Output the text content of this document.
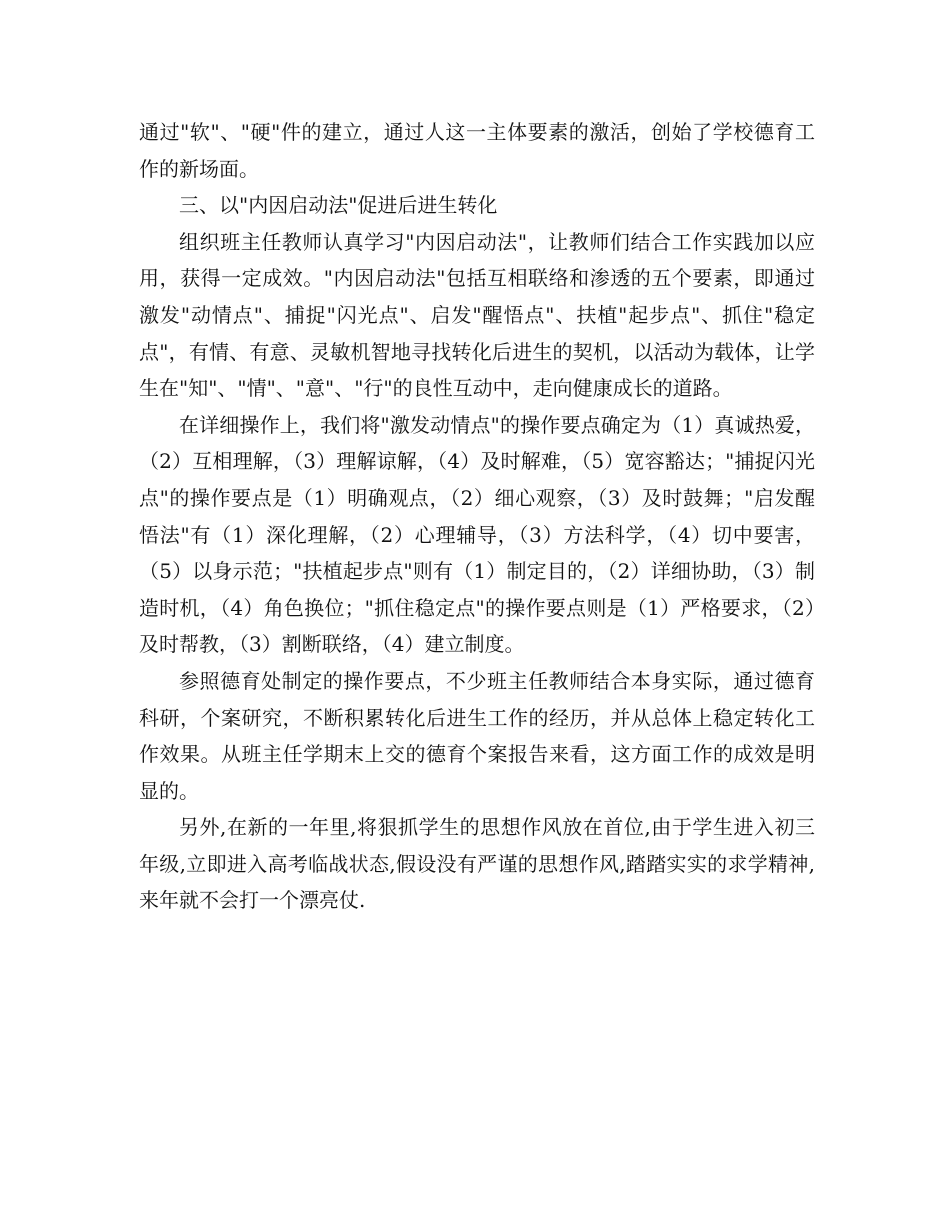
通过"软"、"硬"件的建立，通过人这一主体要素的激活，创始了学校德育工作的新场面。

三、以"内因启动法"促进后进生转化

组织班主任教师认真学习"内因启动法"，让教师们结合工作实践加以应用，获得一定成效。"内因启动法"包括互相联络和渗透的五个要素，即通过激发"动情点"、捕捉"闪光点"、启发"醒悟点"、扶植"起步点"、抓住"稳定点"，有情、有意、灵敏机智地寻找转化后进生的契机，以活动为载体，让学生在"知"、"情"、"意"、"行"的良性互动中，走向健康成长的道路。

在详细操作上，我们将"激发动情点"的操作要点确定为（1）真诚热爱，（2）互相理解，（3）理解谅解，（4）及时解难，（5）宽容豁达；"捕捉闪光点"的操作要点是（1）明确观点，（2）细心观察，（3）及时鼓舞；"启发醒悟法"有（1）深化理解，（2）心理辅导，（3）方法科学，（4）切中要害，（5）以身示范；"扶植起步点"则有（1）制定目的，（2）详细协助，（3）制造时机，（4）角色换位；"抓住稳定点"的操作要点则是（1）严格要求，（2）及时帮教，（3）割断联络，（4）建立制度。

参照德育处制定的操作要点，不少班主任教师结合本身实际，通过德育科研，个案研究，不断积累转化后进生工作的经历，并从总体上稳定转化工作效果。从班主任学期末上交的德育个案报告来看，这方面工作的成效是明显的。

另外,在新的一年里,将狠抓学生的思想作风放在首位,由于学生进入初三年级,立即进入高考临战状态,假设没有严谨的思想作风,踏踏实实的求学精神,来年就不会打一个漂亮仗.
